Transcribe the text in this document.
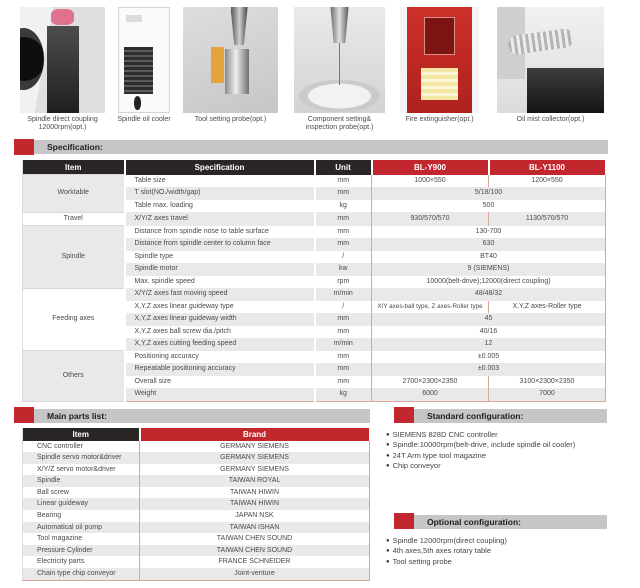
Spindle direct coupling
12000rpm(opt.)
Spindle oil cooler	Tool setting probe(opt.)	Component setting&
inspection probe(opt.)
Fire extinguisher(opt.)	Oil mist collector(opt.)
Specification:
Item	Specification	Unit	BL-Y900	BL-Y1100
Worktable	Table size	mm	1000×550	1200×550
	T slot(NO./width/gap)	mm	5/18/100	
	Table max. loading	kg	500	
Travel	X/Y/Z axes travel	mm	930/570/570	1130/570/570
Spindle	Distance from spindle nose to table surface	mm	130-700	
	Distance from spindle center to column face	mm	630	
	Spindle type	/	BT40	
	Spindle motor	kw	9 (SIEMENS)	
	Max. spindle speed	rpm	10000(belt-drive);12000(direct coupling)	
Feeding axes	X/Y/Z axes fast moving speed	m/min	48/48/32	
	X,Y,Z axes linear guideway type	/	X/Y axes-ball type, Z axes-Roller type	X,Y,Z axes-Roller type
	X,Y,Z axes linear guideway width	mm	45	
	X,Y,Z axes ball screw dia./pitch	mm	40/16	
	X,Y,Z axes cutting feeding speed	m/min	12	
Others	Positioning accuracy	mm	±0.005	
	Repeatable positioning accuracy	mm	±0.003	
	Overall size	mm	2700×2300×2350	3100×2300×2350
	Weight	kg	6000	7000
Main parts list:
Item	Brand
CNC controller	GERMANY SIEMENS
Spindle servo motor&driver	GERMANY SIEMENS
X/Y/Z servo motor&driver	GERMANY SIEMENS
Spindle	TAIWAN ROYAL
Ball screw	TAIWAN HIWIN
Linear guideway	TAIWAN HIWIN
Bearing	JAPAN NSK
Automatical oil pump	TAIWAN ISHAN
Tool magazine	TAIWAN CHEN SOUND
Pressure Cylinder	TAIWAN CHEN SOUND
Electricity parts	FRANCE SCHNEIDER
Chain type chip conveyor	Joint-venture
Standard configuration:
● SIEMENS 828D CNC controller
● Spindle:10000rpm(belt-drive, include spindle oil cooler)
● 24T Arm type tool magazine
● Chip conveyor
Optional configuration:
● Spindle 12000rpm(direct coupling)
● 4th axes,5th axes rotary table
● Tool setting probe
